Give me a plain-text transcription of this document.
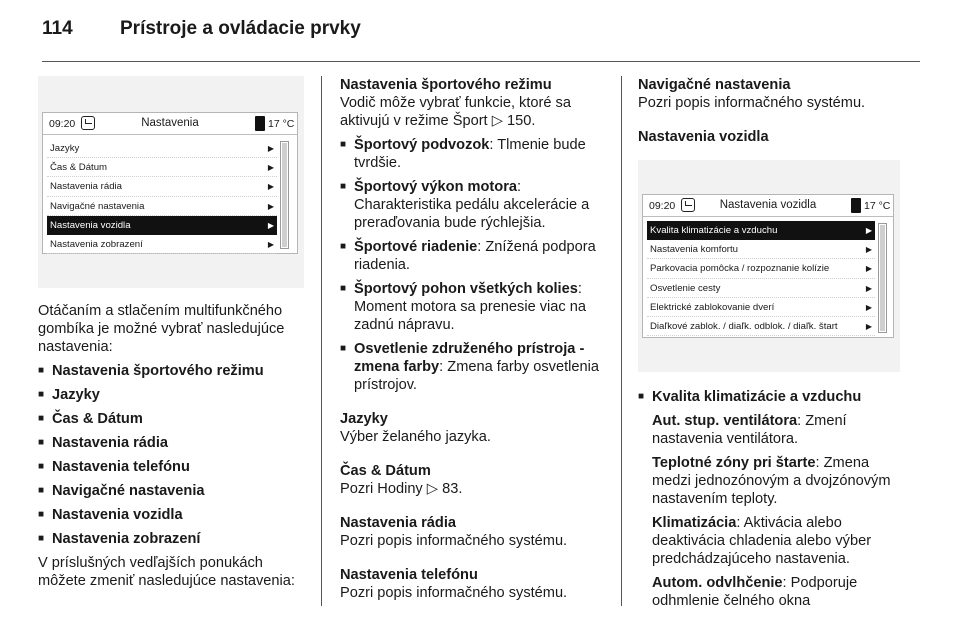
114	Prístroje a ovládacie prvky
09:20	Nastavenia	17 °C
Jazyky	▶
Čas & Dátum	▶
Nastavenia rádia	▶
Navigačné nastavenia	▶
Nastavenia vozidla	▶
Nastavenia zobrazení	▶

Otáčaním a stlačením multifunkčného gombíka je možné vybrať nasledujúce nastavenia:

■ Nastavenia športového režimu
■ Jazyky
■ Čas & Dátum
■ Nastavenia rádia
■ Nastavenia telefónu
■ Navigačné nastavenia
■ Nastavenia vozidla
■ Nastavenia zobrazení

V príslušných vedľajších ponukách môžete zmeniť nasledujúce nastavenia:

Nastavenia športového režimu

Vodič môže vybrať funkcie, ktoré sa aktivujú v režime Šport ▷ 150.

■ Športový podvozok: Tlmenie bude tvrdšie.
■ Športový výkon motora: Charakteristika pedálu akcelerácie a preraďovania bude rýchlejšia.
■ Športové riadenie: Znížená podpora riadenia.
■ Športový pohon všetkých kolies: Moment motora sa prenesie viac na zadnú nápravu.
■ Osvetlenie združeného prístroja - zmena farby: Zmena farby osvetlenia prístrojov.
Jazyky

Výber želaného jazyka.

Čas & Dátum

Pozri Hodiny ▷ 83.

Nastavenia rádia

Pozri popis informačného systému.

Nastavenia telefónu

Pozri popis informačného systému.

Navigačné nastavenia

Pozri popis informačného systému.

Nastavenia vozidla
09:20	Nastavenia vozidla	17 °C
Kvalita klimatizácie a vzduchu	▶
Nastavenia komfortu	▶
Parkovacia pomôcka / rozpoznanie kolízie	▶
Osvetlenie cesty	▶
Elektrické zablokovanie dverí	▶
Diaľkové zablok. / diaľk. odblok. / diaľk. štart	▶
■ Kvalita klimatizácie a vzduchu

Aut. stup. ventilátora: Zmení nastavenia ventilátora.

Teplotné zóny pri štarte: Zmena medzi jednozónovým a dvojzónovým nastavením teploty.

Klimatizácia: Aktivácia alebo deaktivácia chladenia alebo výber predchádzajúceho nastavenia.

Autom. odvlhčenie: Podporuje odhmlenie čelného okna
